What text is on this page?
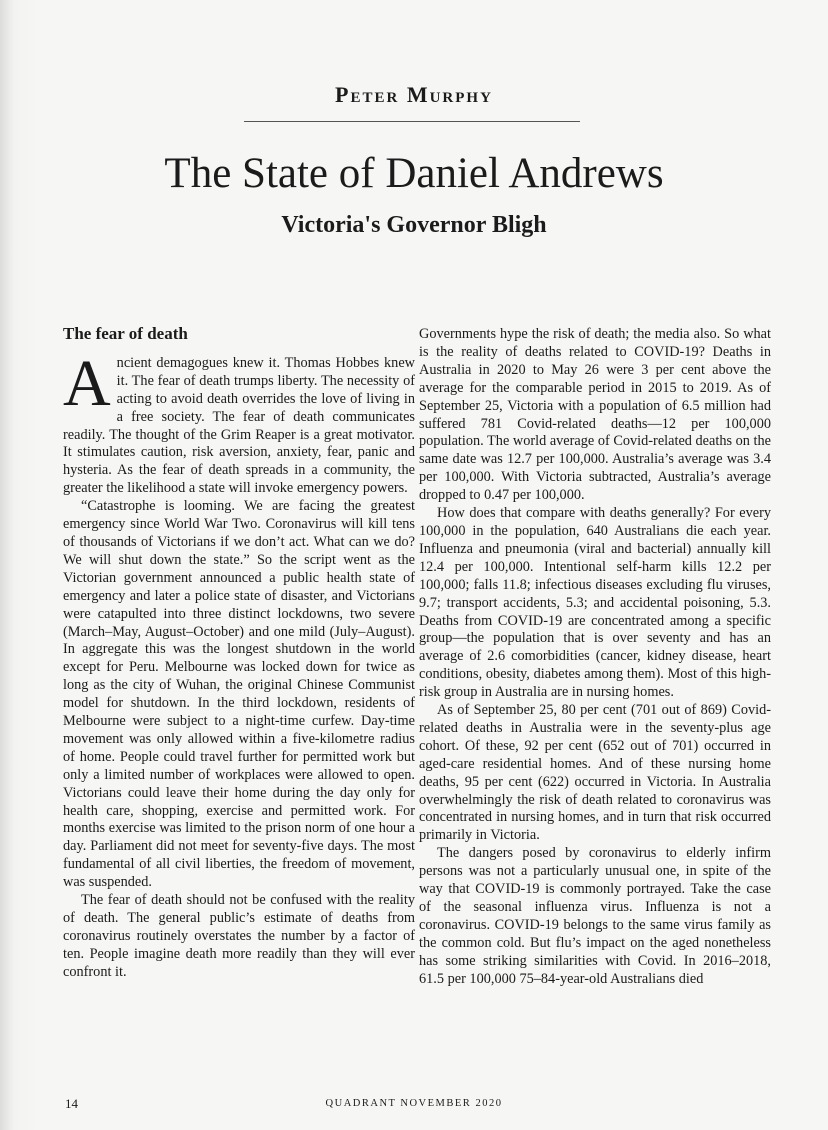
Peter Murphy
The State of Daniel Andrews
Victoria's Governor Bligh
The fear of death

Ancient demagogues knew it. Thomas Hobbes knew it. The fear of death trumps liberty. The necessity of acting to avoid death overrides the love of living in a free society. The fear of death communicates readily. The thought of the Grim Reaper is a great motivator. It stimulates caution, risk aversion, anxiety, fear, panic and hysteria. As the fear of death spreads in a community, the greater the likelihood a state will invoke emergency powers.

“Catastrophe is looming. We are facing the greatest emergency since World War Two. Coronavirus will kill tens of thousands of Victorians if we don’t act. What can we do? We will shut down the state.” So the script went as the Victorian government announced a public health state of emergency and later a police state of disaster, and Victorians were catapulted into three distinct lockdowns, two severe (March–May, August–October) and one mild (July–August). In aggregate this was the longest shutdown in the world except for Peru. Melbourne was locked down for twice as long as the city of Wuhan, the original Chinese Communist model for shutdown. In the third lockdown, residents of Melbourne were subject to a night-time curfew. Day-time movement was only allowed within a five-kilometre radius of home. People could travel further for permitted work but only a limited number of workplaces were allowed to open. Victorians could leave their home during the day only for health care, shopping, exercise and permitted work. For months exercise was limited to the prison norm of one hour a day. Parliament did not meet for seventy-five days. The most fundamental of all civil liberties, the freedom of movement, was suspended.

The fear of death should not be confused with the reality of death. The general public’s estimate of deaths from coronavirus routinely overstates the number by a factor of ten. People imagine death more readily than they will ever confront it.

Governments hype the risk of death; the media also. So what is the reality of deaths related to COVID-19? Deaths in Australia in 2020 to May 26 were 3 per cent above the average for the comparable period in 2015 to 2019. As of September 25, Victoria with a population of 6.5 million had suffered 781 Covid-related deaths—12 per 100,000 population. The world average of Covid-related deaths on the same date was 12.7 per 100,000. Australia’s average was 3.4 per 100,000. With Victoria subtracted, Australia’s average dropped to 0.47 per 100,000.

How does that compare with deaths generally? For every 100,000 in the population, 640 Australians die each year. Influenza and pneumonia (viral and bacterial) annually kill 12.4 per 100,000. Intentional self-harm kills 12.2 per 100,000; falls 11.8; infectious diseases excluding flu viruses, 9.7; transport accidents, 5.3; and accidental poisoning, 5.3. Deaths from COVID-19 are concentrated among a specific group—the population that is over seventy and has an average of 2.6 comorbidities (cancer, kidney disease, heart conditions, obesity, diabetes among them). Most of this high-risk group in Australia are in nursing homes.

As of September 25, 80 per cent (701 out of 869) Covid-related deaths in Australia were in the seventy-plus age cohort. Of these, 92 per cent (652 out of 701) occurred in aged-care residential homes. And of these nursing home deaths, 95 per cent (622) occurred in Victoria. In Australia overwhelmingly the risk of death related to coronavirus was concentrated in nursing homes, and in turn that risk occurred primarily in Victoria.

The dangers posed by coronavirus to elderly infirm persons was not a particularly unusual one, in spite of the way that COVID-19 is commonly portrayed. Take the case of the seasonal influenza virus. Influenza is not a coronavirus. COVID-19 belongs to the same virus family as the common cold. But flu’s impact on the aged nonetheless has some striking similarities with Covid. In 2016–2018, 61.5 per 100,000 75–84-year-old Australians died

14	QUADRANT NOVEMBER 2020
